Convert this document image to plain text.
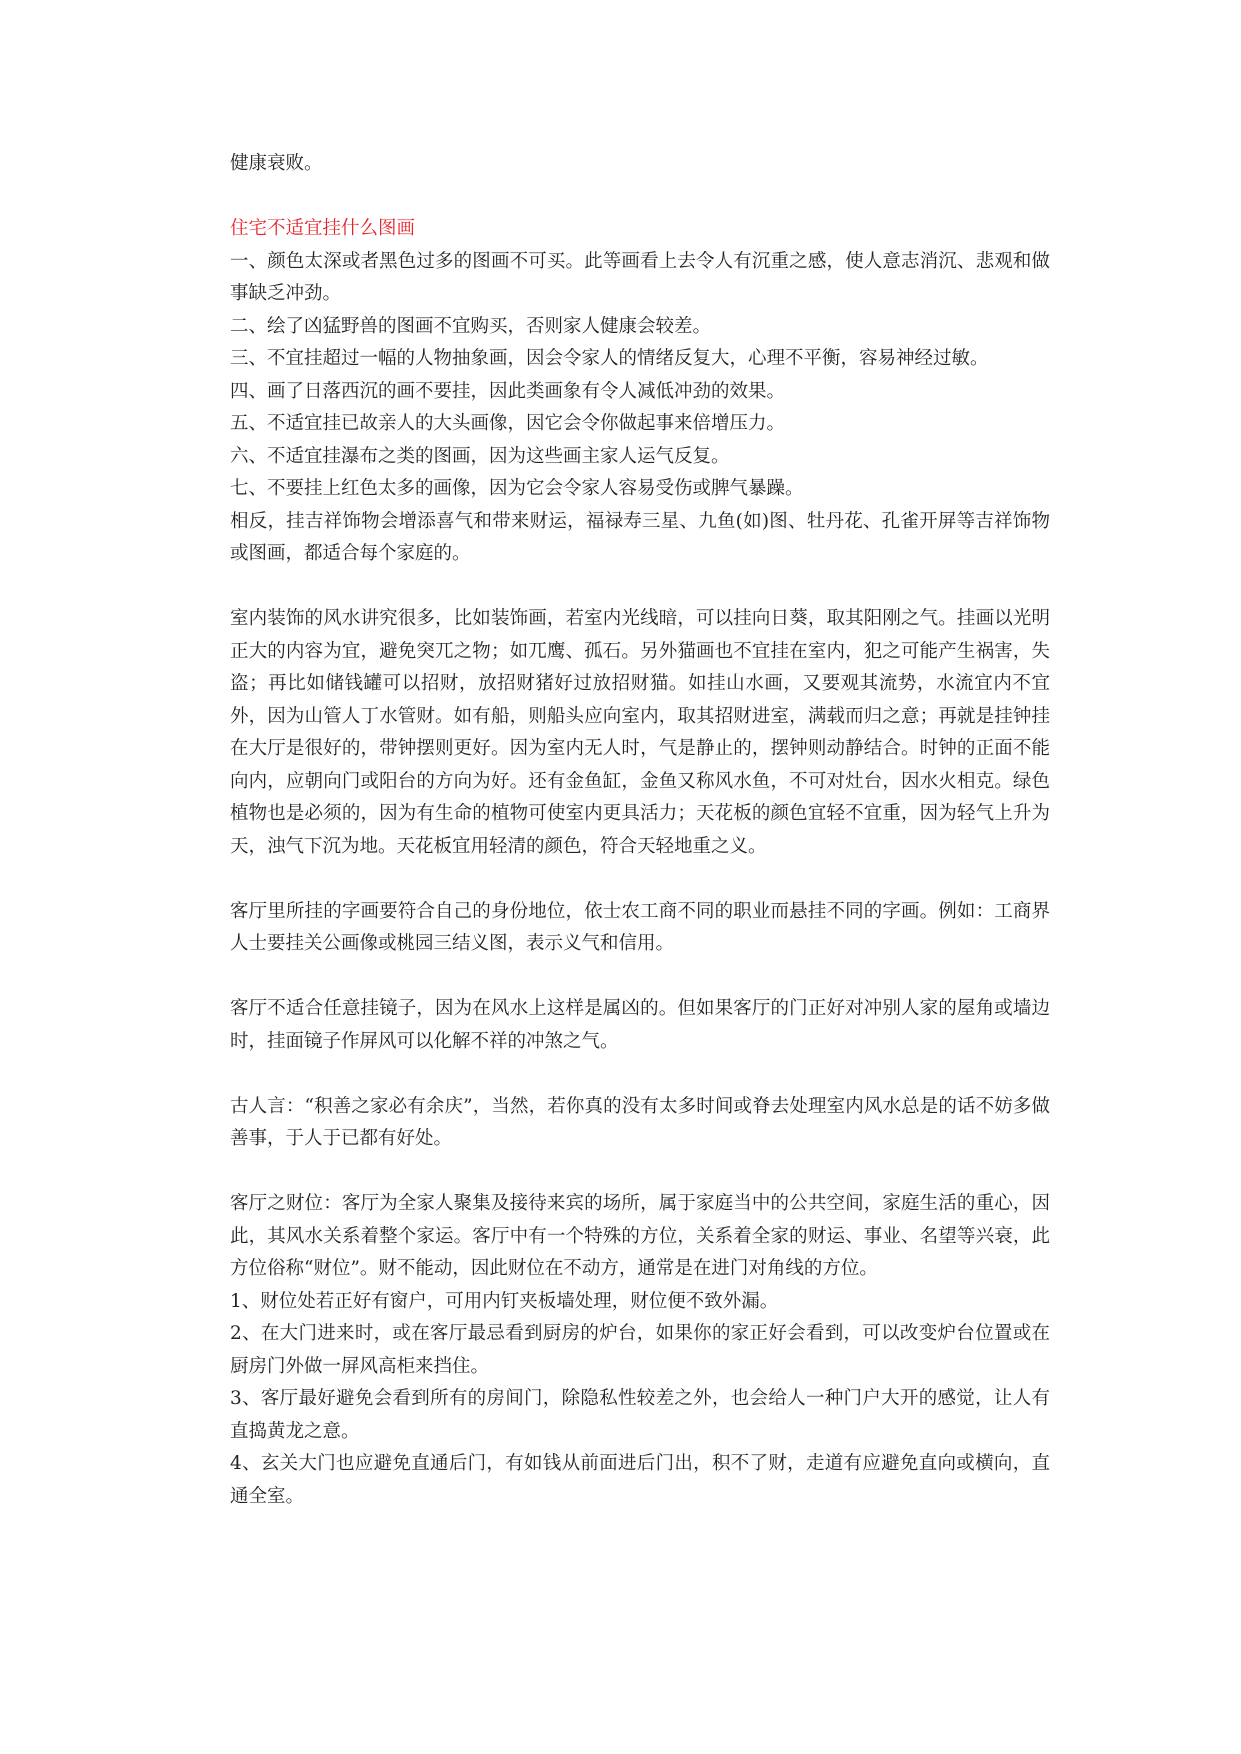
健康衰败。

住宅不适宜挂什么图画

一、颜色太深或者黑色过多的图画不可买。此等画看上去令人有沉重之感，使人意志消沉、悲观和做事缺乏冲劲。

二、绘了凶猛野兽的图画不宜购买，否则家人健康会较差。

三、不宜挂超过一幅的人物抽象画，因会令家人的情绪反复大，心理不平衡，容易神经过敏。

四、画了日落西沉的画不要挂，因此类画象有令人减低冲劲的效果。

五、不适宜挂已故亲人的大头画像，因它会令你做起事来倍增压力。

六、不适宜挂瀑布之类的图画，因为这些画主家人运气反复。

七、不要挂上红色太多的画像，因为它会令家人容易受伤或脾气暴躁。

相反，挂吉祥饰物会增添喜气和带来财运，福禄寿三星、九鱼(如)图、牡丹花、孔雀开屏等吉祥饰物或图画，都适合每个家庭的。

室内装饰的风水讲究很多，比如装饰画，若室内光线暗，可以挂向日葵，取其阳刚之气。挂画以光明正大的内容为宜，避免突兀之物；如兀鹰、孤石。另外猫画也不宜挂在室内，犯之可能产生祸害，失盗；再比如储钱罐可以招财，放招财猪好过放招财猫。如挂山水画，又要观其流势，水流宜内不宜外，因为山管人丁水管财。如有船，则船头应向室内，取其招财进室，满载而归之意；再就是挂钟挂在大厅是很好的，带钟摆则更好。因为室内无人时，气是静止的，摆钟则动静结合。时钟的正面不能向内，应朝向门或阳台的方向为好。还有金鱼缸，金鱼又称风水鱼，不可对灶台，因水火相克。绿色植物也是必须的，因为有生命的植物可使室内更具活力；天花板的颜色宜轻不宜重，因为轻气上升为天，浊气下沉为地。天花板宜用轻清的颜色，符合天轻地重之义。

客厅里所挂的字画要符合自己的身份地位，依士农工商不同的职业而悬挂不同的字画。例如：工商界人士要挂关公画像或桃园三结义图，表示义气和信用。

客厅不适合任意挂镜子，因为在风水上这样是属凶的。但如果客厅的门正好对冲别人家的屋角或墙边时，挂面镜子作屏风可以化解不祥的冲煞之气。

古人言：“积善之家必有余庆”，当然，若你真的没有太多时间或脊去处理室内风水总是的话不妨多做善事，于人于已都有好处。

客厅之财位：客厅为全家人聚集及接待来宾的场所，属于家庭当中的公共空间，家庭生活的重心，因此，其风水关系着整个家运。客厅中有一个特殊的方位，关系着全家的财运、事业、名望等兴衰，此方位俗称“财位”。财不能动，因此财位在不动方，通常是在进门对角线的方位。

1、财位处若正好有窗户，可用内钉夹板墙处理，财位便不致外漏。

2、在大门进来时，或在客厅最忌看到厨房的炉台，如果你的家正好会看到，可以改变炉台位置或在厨房门外做一屏风高柜来挡住。

3、客厅最好避免会看到所有的房间门，除隐私性较差之外，也会给人一种门户大开的感觉，让人有直捣黄龙之意。

4、玄关大门也应避免直通后门，有如钱从前面进后门出，积不了财，走道有应避免直向或横向，直通全室。
